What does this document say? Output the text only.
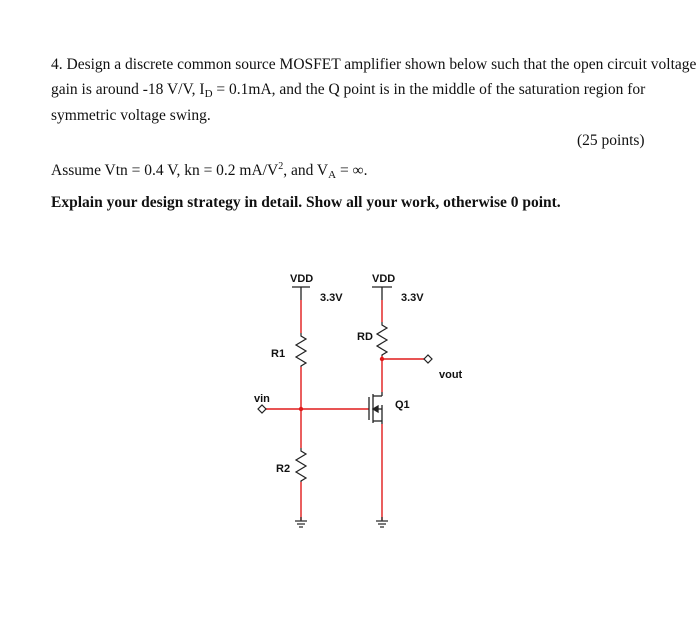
4. Design a discrete common source MOSFET amplifier shown below such that the open circuit voltage
gain is around -18 V/V, $I_D = 0.1mA$, and the Q point is in the middle of the saturation region for
symmetric voltage swing.
(25 points)
Assume Vtn = 0.4 V, kn = 0.2 $mA/V^2$, and $V_A$ = ∞.
Explain your design strategy in detail. Show all your work, otherwise 0 point.
VDD
3.3V
VDD
3.3V
R1
R2
RD
vin
vout
Q1
